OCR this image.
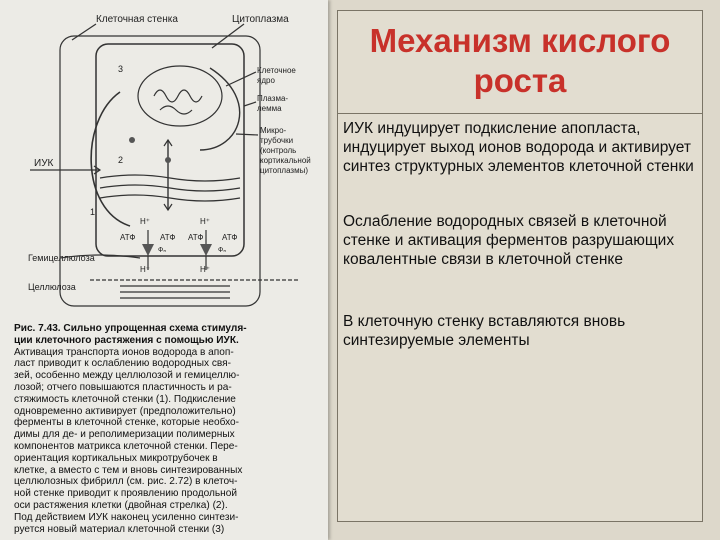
Клеточная стенка	Цитоплазма
Клеточное
ядро
Плазма-
лемма
Микро-
трубочки
(контроль
кортикальной
цитоплазмы)
ИУК
Гемицеллюлоза
Целлюлоза
1
2
3
H⁺	H⁺
АТФ	АТФ АТФ АТФ
Фₙ	Фₙ
H⁺	H⁺
Рис. 7.43. Сильно упрощенная схема стимуля-
ции клеточного растяжения с помощью ИУК.
Активация транспорта ионов водорода в апоп-
ласт приводит к ослаблению водородных свя-
зей, особенно между целлюлозой и гемицеллю-
лозой; отчего повышаются пластичность и ра-
стяжимость клеточной стенки (1). Подкисление
одновременно активирует (предположительно)
ферменты в клеточной стенке, которые необхо-
димы для де- и реполимеризации полимерных
компонентов матрикса клеточной стенки. Пере-
ориентация кортикальных микротрубочек в
клетке, а вместо с тем и вновь синтезированных
целлюлозных фибрилл (см. рис. 2.72) в клеточ-
ной стенке приводит к проявлению продольной
оси растяжения клетки (двойная стрелка) (2).
Под действием ИУК наконец усиленно синтези-
руется новый материал клеточной стенки (3)
Механизм кислого
роста
ИУК индуцирует подкисление апопласта, индуцирует выход ионов водорода и активирует синтез структурных элементов клеточной стенки
Ослабление водородных связей в клеточной стенке и активация ферментов разрушающих ковалентные связи в клеточной стенке
В клеточную стенку вставляются вновь синтезируемые элементы
